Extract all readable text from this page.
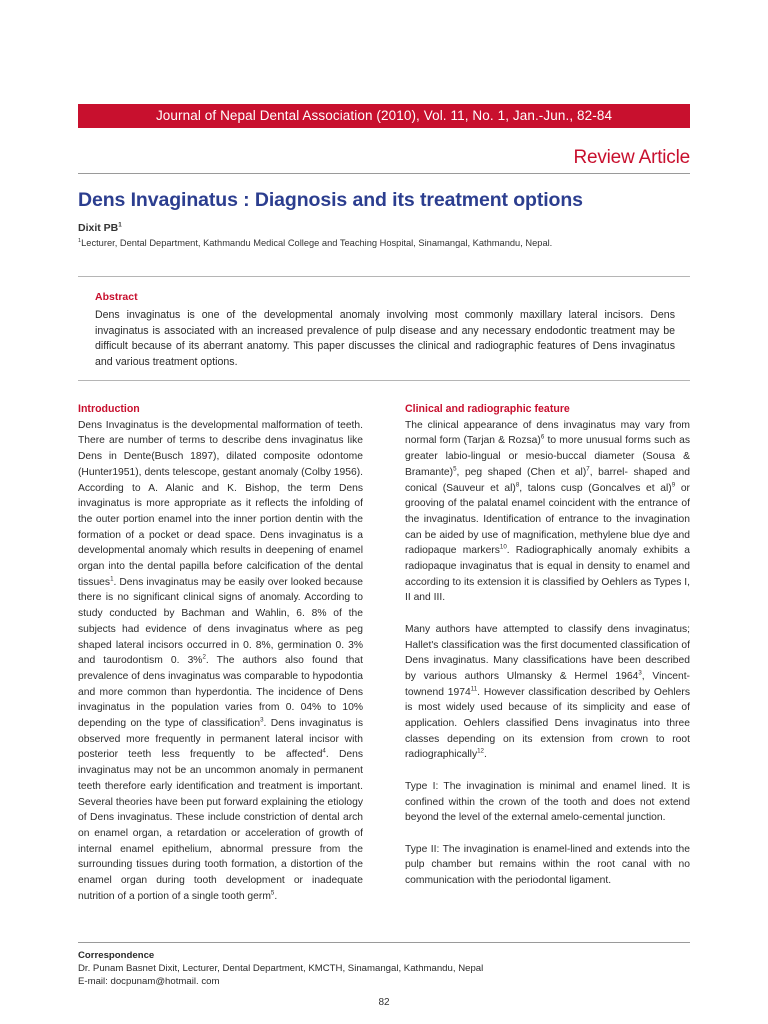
Journal of Nepal Dental Association (2010), Vol. 11, No. 1, Jan.-Jun., 82-84
Review Article
Dens Invaginatus : Diagnosis and its treatment options
Dixit $PB^1$
$^1$Lecturer, Dental Department, Kathmandu Medical College and Teaching Hospital, Sinamangal, Kathmandu, Nepal.
Abstract
Dens invaginatus is one of the developmental anomaly involving most commonly maxillary lateral incisors. Dens invaginatus is associated with an increased prevalence of pulp disease and any necessary endodontic treatment may be difficult because of its aberrant anatomy. This paper discusses the clinical and radiographic features of Dens invaginatus and various treatment options.
Introduction

Dens Invaginatus is the developmental malformation of teeth. There are number of terms to describe dens invaginatus like Dens in Dente(Busch 1897), dilated composite odontome (Hunter1951), dents telescope, gestant anomaly (Colby 1956). According to A. Alanic and K. Bishop, the term Dens invaginatus is more appropriate as it reflects the infolding of the outer portion enamel into the inner portion dentin with the formation of a pocket or dead space. Dens invaginatus is a developmental anomaly which results in deepening of enamel organ into the dental papilla before calcification of the dental tissues$^1$. Dens invaginatus may be easily over looked because there is no significant clinical signs of anomaly. According to study conducted by Bachman and Wahlin, 6. 8% of the subjects had evidence of dens invaginatus where as peg shaped lateral incisors occurred in 0. 8%, germination 0. 3% and taurodontism 0. 3%$^2$. The authors also found that prevalence of dens invaginatus was comparable to hypodontia and more common than hyperdontia. The incidence of Dens invaginatus in the population varies from 0. 04% to 10% depending on the type of classification$^3$. Dens invaginatus is observed more frequently in permanent lateral incisor with posterior teeth less frequently to be affected$^4$. Dens invaginatus may not be an uncommon anomaly in permanent teeth therefore early identification and treatment is important. Several theories have been put forward explaining the etiology of Dens invaginatus. These include constriction of dental arch on enamel organ, a retardation or acceleration of growth of internal enamel epithelium, abnormal pressure from the surrounding tissues during tooth formation, a distortion of the enamel organ during tooth development or inadequate nutrition of a portion of a single tooth germ$^5$.

Clinical and radiographic feature

The clinical appearance of dens invaginatus may vary from normal form (Tarjan & Rozsa)$^6$ to more unusual forms such as greater labio-lingual or mesio-buccal diameter (Sousa & Bramante)$^5$, peg shaped (Chen et al)$^7$, barrel- shaped and conical (Sauveur et al)$^8$, talons cusp (Goncalves et al)$^9$ or grooving of the palatal enamel coincident with the entrance of the invaginatus. Identification of entrance to the invagination can be aided by use of magnification, methylene blue dye and radiopaque markers$^{10}$. Radiographically anomaly exhibits a radiopaque invaginatus that is equal in density to enamel and according to its extension it is classified by Oehlers as Types I, II and III.

Many authors have attempted to classify dens invaginatus; Hallet's classification was the first documented classification of Dens invaginatus. Many classifications have been described by various authors Ulmansky & Hermel 1964$^3$, Vincent-townend 1974$^{11}$. However classification described by Oehlers is most widely used because of its simplicity and ease of application. Oehlers classified Dens invaginatus into three classes depending on its extension from crown to root radiographically$^{12}$.

Type I: The invagination is minimal and enamel lined. It is confined within the crown of the tooth and does not extend beyond the level of the external amelo-cemental junction.

Type II: The invagination is enamel-lined and extends into the pulp chamber but remains within the root canal with no communication with the periodontal ligament.

Correspondence
Dr. Punam Basnet Dixit, Lecturer, Dental Department, KMCTH, Sinamangal, Kathmandu, Nepal
E-mail: docpunam@hotmail. com
82
